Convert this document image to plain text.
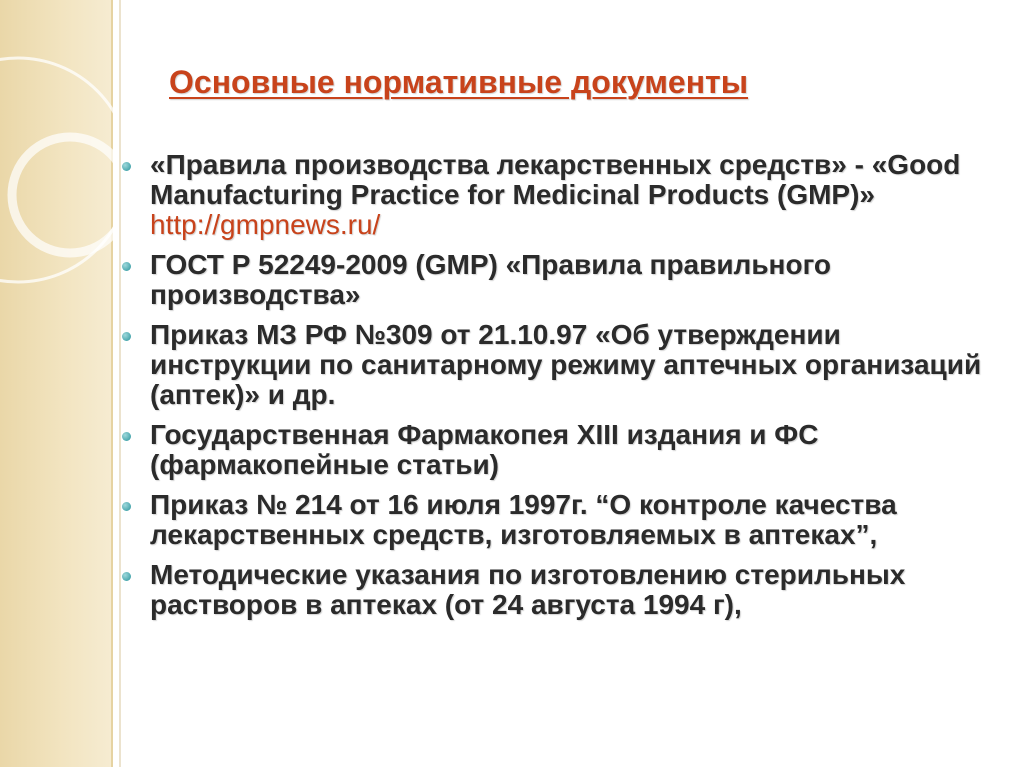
Основные нормативные документы
«Правила производства лекарственных средств» - «Good Manufacturing Practice for Medicinal Products (GMP)» http://gmpnews.ru/
ГОСТ Р 52249-2009 (GMP) «Правила правильного производства»
Приказ МЗ РФ №309 от 21.10.97 «Об утверждении инструкции по санитарному режиму аптечных организаций (аптек)» и др.
Государственная Фармакопея XIII издания и ФС (фармакопейные статьи)
Приказ № 214 от 16 июля 1997г. “О контроле качества лекарственных средств, изготовляемых в аптеках”,
Методические указания по изготовлению стерильных растворов в аптеках (от 24 августа 1994 г),
